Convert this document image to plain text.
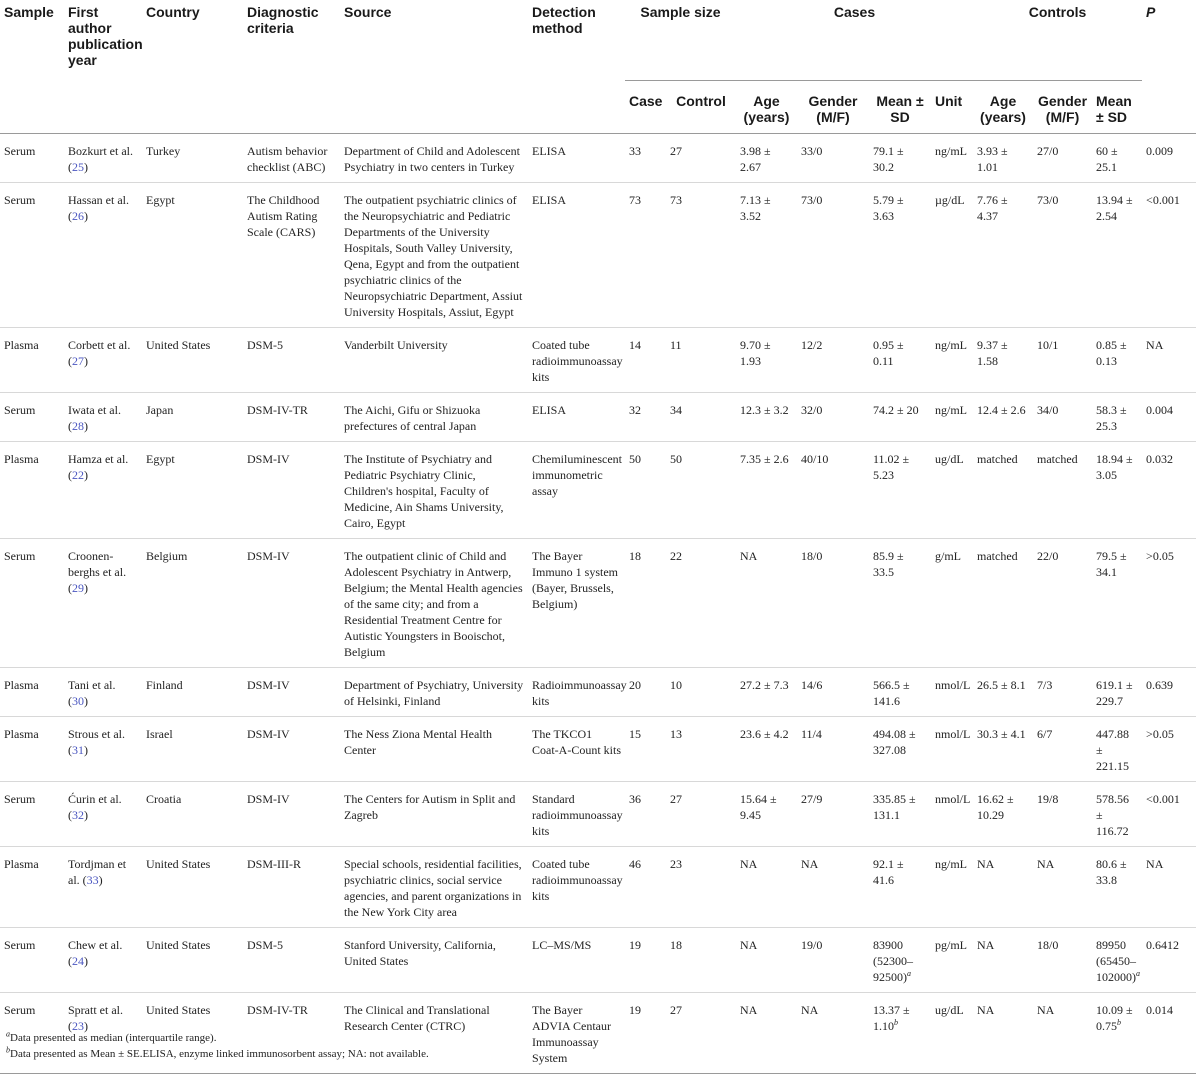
Sample	First author publication year	Country	Diagnostic criteria	Source	Detection method	Sample size		Cases				Controls			P
						Case	Control	Age (years)	Gender (M/F)	Mean ± SD	Unit	Age (years)	Gender (M/F)	Mean ± SD	
Serum	Bozkurt et al. (25)	Turkey	Autism behavior checklist (ABC)	Department of Child and Adolescent Psychiatry in two centers in Turkey	ELISA	33	27	3.98 ± 2.67	33/0	79.1 ± 30.2	ng/mL	3.93 ± 1.01	27/0	60 ± 25.1	0.009
Serum	Hassan et al. (26)	Egypt	The Childhood Autism Rating Scale (CARS)	The outpatient psychiatric clinics of the Neuropsychiatric and Pediatric Departments of the University Hospitals, South Valley University, Qena, Egypt and from the outpatient psychiatric clinics of the Neuropsychiatric Department, Assiut University Hospitals, Assiut, Egypt	ELISA	73	73	7.13 ± 3.52	73/0	5.79 ± 3.63	µg/dL	7.76 ± 4.37	73/0	13.94 ± 2.54	<0.001
Plasma	Corbett et al. (27)	United States	DSM-5	Vanderbilt University	Coated tube radioimmunoassay kits	14	11	9.70 ± 1.93	12/2	0.95 ± 0.11	ng/mL	9.37 ± 1.58	10/1	0.85 ± 0.13	NA
Serum	Iwata et al. (28)	Japan	DSM-IV-TR	The Aichi, Gifu or Shizuoka prefectures of central Japan	ELISA	32	34	12.3 ± 3.2	32/0	74.2 ± 20	ng/mL	12.4 ± 2.6	34/0	58.3 ± 25.3	0.004
Plasma	Hamza et al. (22)	Egypt	DSM-IV	The Institute of Psychiatry and Pediatric Psychiatry Clinic, Children's hospital, Faculty of Medicine, Ain Shams University, Cairo, Egypt	Chemiluminescent immunometric assay	50	50	7.35 ± 2.6	40/10	11.02 ± 5.23	ug/dL	matched	matched	18.94 ± 3.05	0.032
Serum	Croonen-berghs et al. (29)	Belgium	DSM-IV	The outpatient clinic of Child and Adolescent Psychiatry in Antwerp, Belgium; the Mental Health agencies of the same city; and from a Residential Treatment Centre for Autistic Youngsters in Booischot, Belgium	The Bayer Immuno 1 system (Bayer, Brussels, Belgium)	18	22	NA	18/0	85.9 ± 33.5	g/mL	matched	22/0	79.5 ± 34.1	>0.05
Plasma	Tani et al. (30)	Finland	DSM-IV	Department of Psychiatry, University of Helsinki, Finland	Radioimmunoassay kits	20	10	27.2 ± 7.3	14/6	566.5 ± 141.6	nmol/L	26.5 ± 8.1	7/3	619.1 ± 229.7	0.639
Plasma	Strous et al. (31)	Israel	DSM-IV	The Ness Ziona Mental Health Center	The TKCO1 Coat-A-Count kits	15	13	23.6 ± 4.2	11/4	494.08 ± 327.08	nmol/L	30.3 ± 4.1	6/7	447.88 ± 221.15	>0.05
Serum	Ćurin et al. (32)	Croatia	DSM-IV	The Centers for Autism in Split and Zagreb	Standard radioimmunoassay kits	36	27	15.64 ± 9.45	27/9	335.85 ± 131.1	nmol/L	16.62 ± 10.29	19/8	578.56 ± 116.72	<0.001
Plasma	Tordjman et al. (33)	United States	DSM-III-R	Special schools, residential facilities, psychiatric clinics, social service agencies, and parent organizations in the New York City area	Coated tube radioimmunoassay kits	46	23	NA	NA	92.1 ± 41.6	ng/mL	NA	NA	80.6 ± 33.8	NA
Serum	Chew et al. (24)	United States	DSM-5	Stanford University, California, United States	LC–MS/MS	19	18	NA	19/0	83900 $(52300-92500)^a$	pg/mL	NA	18/0	89950 $(65450-102000)^a$	0.6412
Serum	Spratt et al. (23)	United States	DSM-IV-TR	The Clinical and Translational Research Center (CTRC)	The Bayer ADVIA Centaur Immunoassay System	19	27	NA	NA	13.37 ± 1.10$^b$	ug/dL	NA	NA	10.09 ± 0.75$^b$	0.014
$^a$Data presented as median (interquartile range).
$^b$Data presented as Mean ± SE.ELISA, enzyme linked immunosorbent assay; NA: not available.
